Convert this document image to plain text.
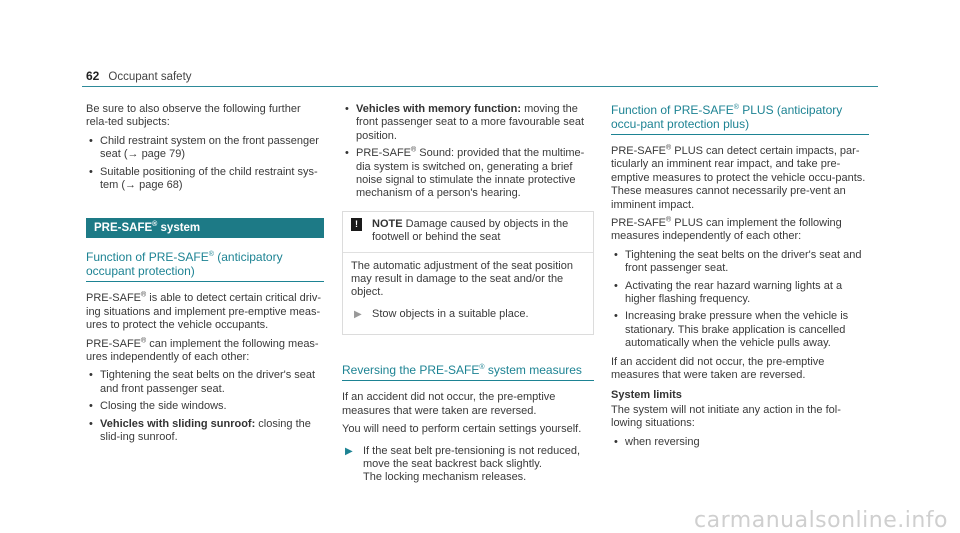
62 Occupant safety

Be sure to also observe the following further rela-ted subjects:

• Child restraint system on the front passenger seat (→ page 79)
• Suitable positioning of the child restraint sys-tem (→ page 68)
PRE-SAFE® system
Function of PRE-SAFE® (anticipatory occupant protection)

PRE-SAFE® is able to detect certain critical driv-ing situations and implement pre-emptive meas-ures to protect the vehicle occupants.

PRE-SAFE® can implement the following meas-ures independently of each other:

• Tightening the seat belts on the driver's seat and front passenger seat.
• Closing the side windows.
• Vehicles with sliding sunroof: closing the slid-ing sunroof.
• Vehicles with memory function: moving the front passenger seat to a more favourable seat position.
• PRE-SAFE® Sound: provided that the multime-dia system is switched on, generating a brief noise signal to stimulate the innate protective mechanism of a person's hearing.
!	NOTE Damage caused by objects in the footwell or behind the seat

The automatic adjustment of the seat position may result in damage to the seat and/or the object.

▶ Stow objects in a suitable place.
Reversing the PRE-SAFE® system measures

If an accident did not occur, the pre-emptive measures that were taken are reversed.

You will need to perform certain settings yourself.

▶ If the seat belt pre-tensioning is not reduced, move the seat backrest back slightly.
The locking mechanism releases.
Function of PRE-SAFE® PLUS (anticipatory occu-pant protection plus)

PRE-SAFE® PLUS can detect certain impacts, par-ticularly an imminent rear impact, and take pre-emptive measures to protect the vehicle occu-pants. These measures cannot necessarily pre-vent an imminent impact.

PRE-SAFE® PLUS can implement the following measures independently of each other:

• Tightening the seat belts on the driver's seat and front passenger seat.
• Activating the rear hazard warning lights at a higher flashing frequency.
• Increasing brake pressure when the vehicle is stationary. This brake application is cancelled automatically when the vehicle pulls away.

If an accident did not occur, the pre-emptive measures that were taken are reversed.

System limits

The system will not initiate any action in the fol-lowing situations:

• when reversing
carmanualsonline.info
